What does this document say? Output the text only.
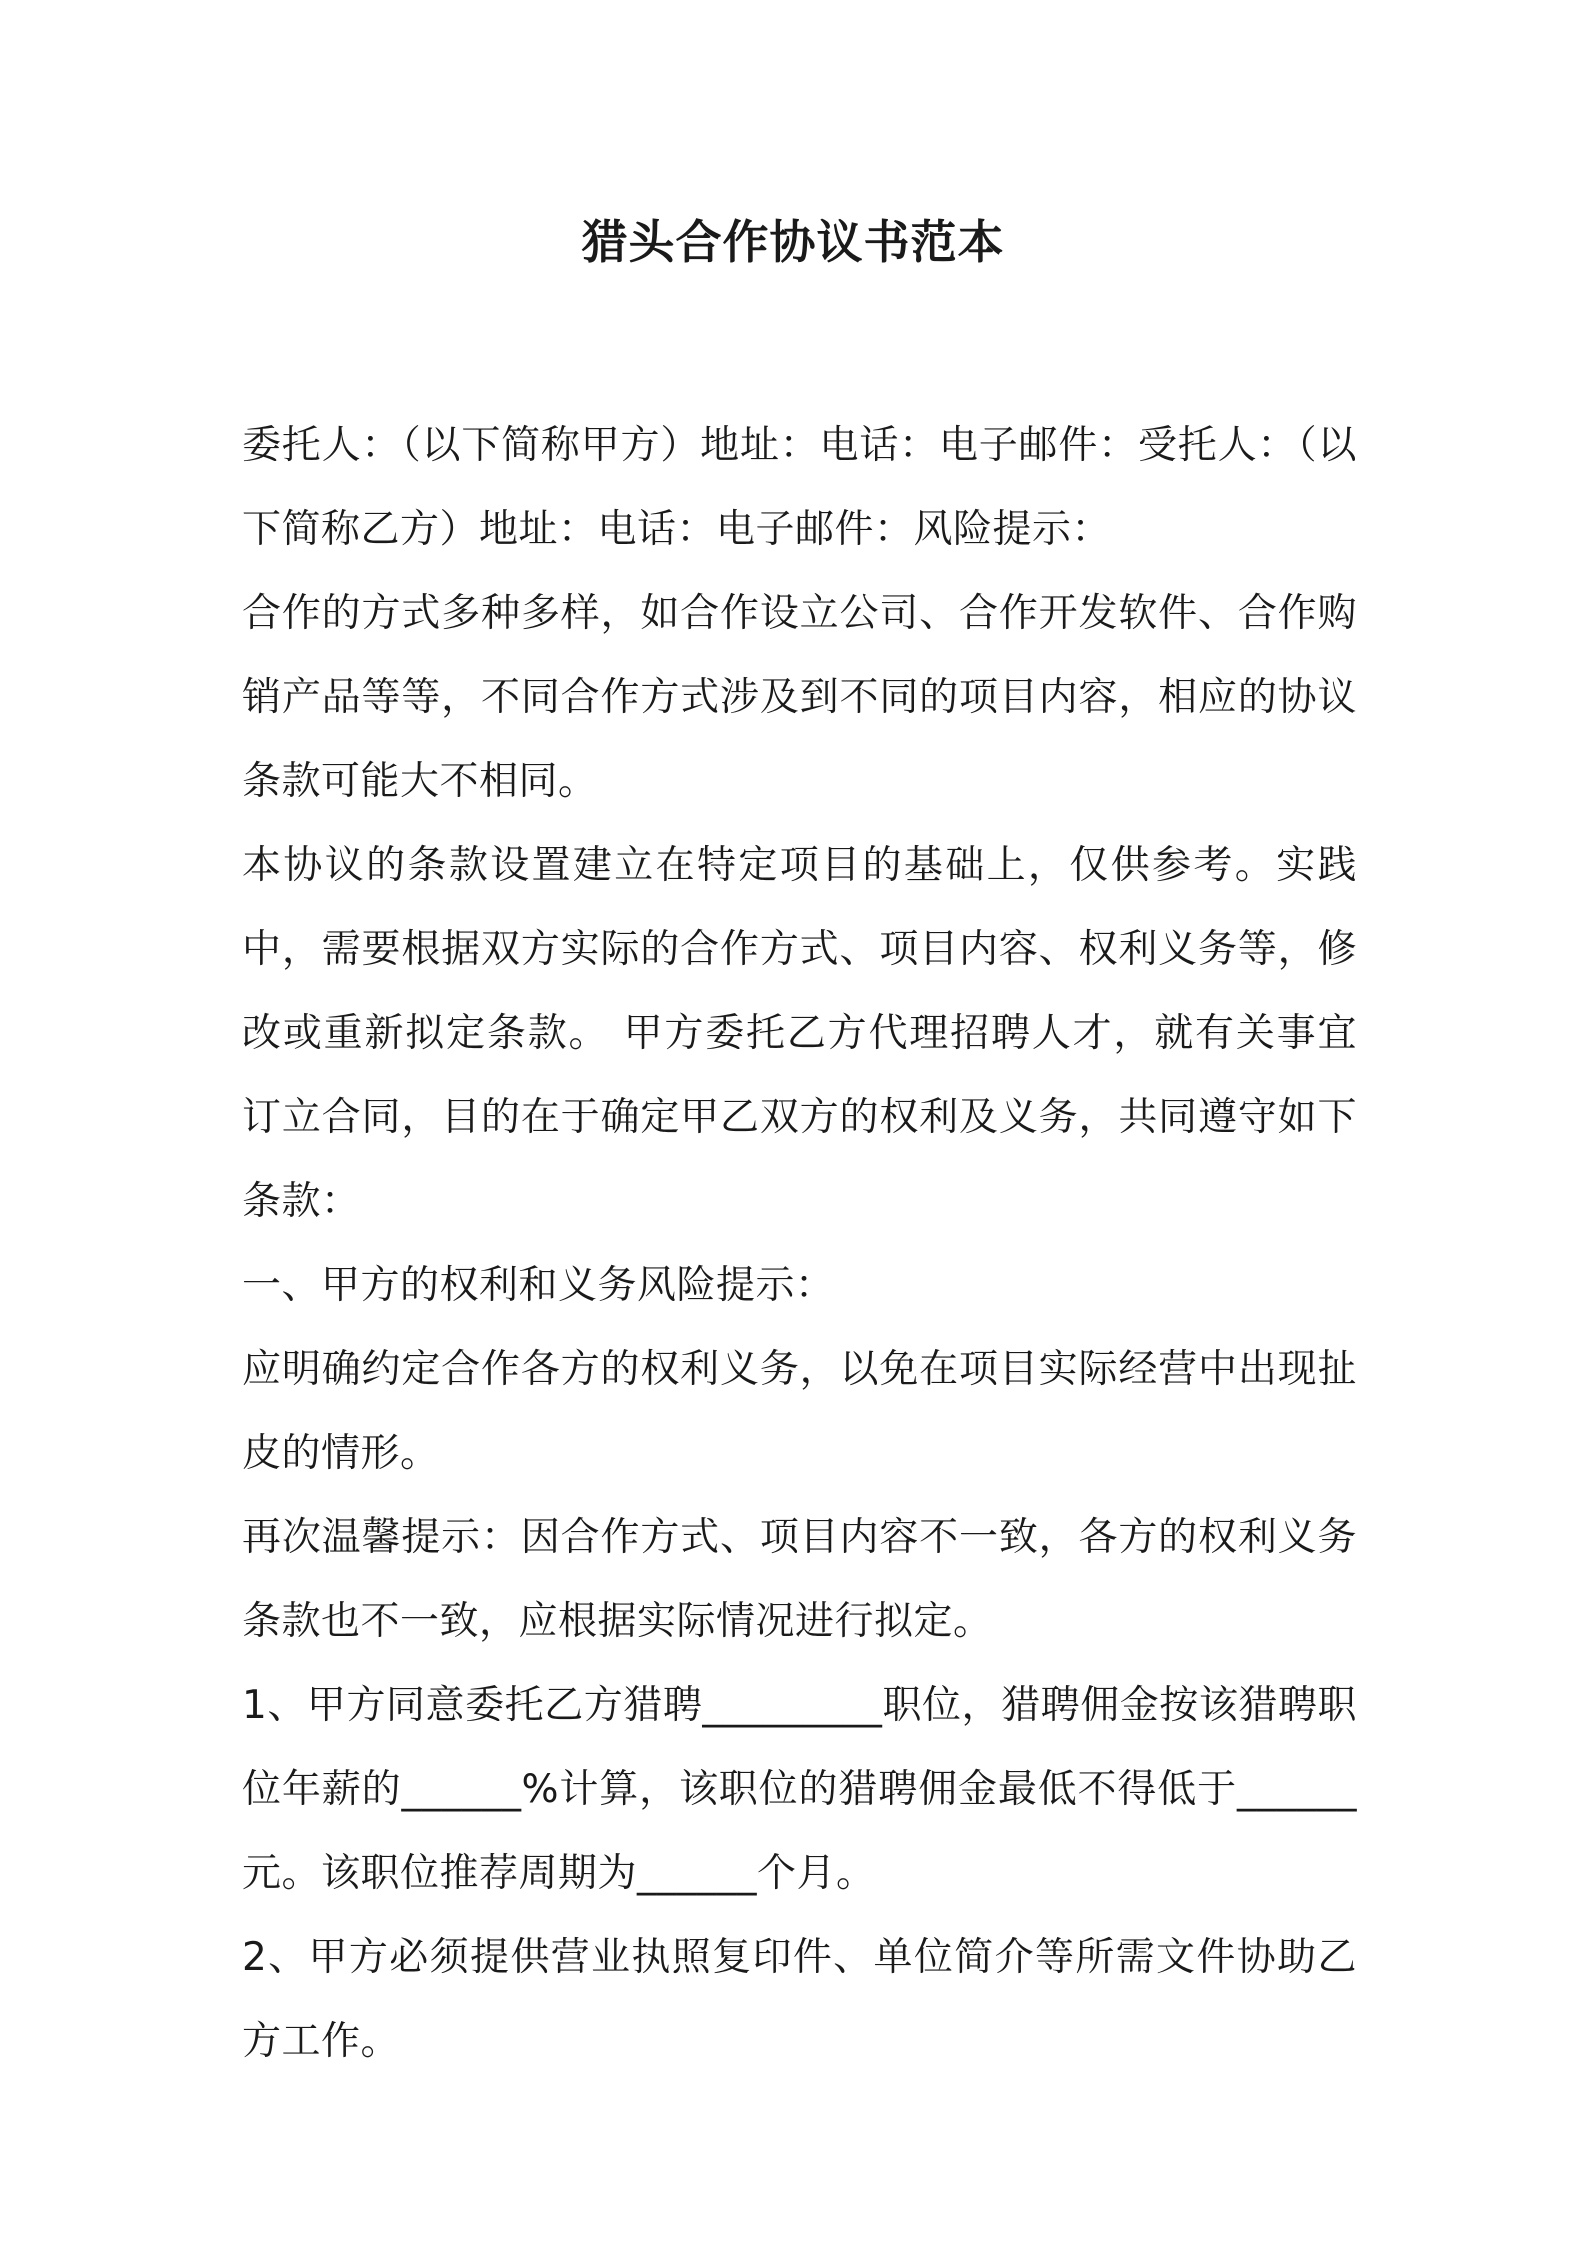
猎头合作协议书范本

委托人：（以下简称甲方）地址：电话：电子邮件：受托人：（以下简称乙方）地址：电话：电子邮件：风险提示：

合作的方式多种多样，如合作设立公司、合作开发软件、合作购销产品等等，不同合作方式涉及到不同的项目内容，相应的协议条款可能大不相同。

本协议的条款设置建立在特定项目的基础上，仅供参考。实践中，需要根据双方实际的合作方式、项目内容、权利义务等，修改或重新拟定条款。 甲方委托乙方代理招聘人才，就有关事宜订立合同，目的在于确定甲乙双方的权利及义务，共同遵守如下条款：

一、甲方的权利和义务风险提示：

应明确约定合作各方的权利义务，以免在项目实际经营中出现扯皮的情形。

再次温馨提示：因合作方式、项目内容不一致，各方的权利义务条款也不一致，应根据实际情况进行拟定。

1、甲方同意委托乙方猎聘_________职位，猎聘佣金按该猎聘职位年薪的______%计算，该职位的猎聘佣金最低不得低于______元。该职位推荐周期为______个月。

2、甲方必须提供营业执照复印件、单位简介等所需文件协助乙方工作。
